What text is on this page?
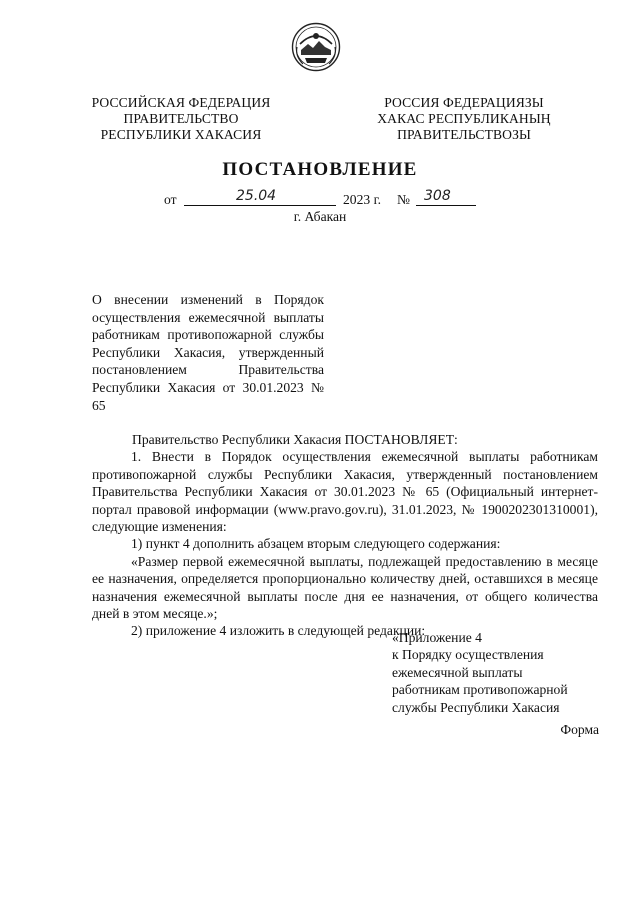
РОССИЙСКАЯ ФЕДЕРАЦИЯ
ПРАВИТЕЛЬСТВО
РЕСПУБЛИКИ ХАКАСИЯ
РОССИЯ ФЕДЕРАЦИЯЗЫ
ХАКАС РЕСПУБЛИКАНЫҢ
ПРАВИТЕЛЬСТВОЗЫ
ПОСТАНОВЛЕНИЕ
от	25.04	2023 г. № 308
г. Абакан
О внесении изменений в Порядок осуществления ежемесячной выплаты работникам противопожарной службы Республики Хакасия, утвержденный постановлением Правительства Республики Хакасия от 30.01.2023 № 65

Правительство Республики Хакасия ПОСТАНОВЛЯЕТ:

1. Внести в Порядок осуществления ежемесячной выплаты работникам противопожарной службы Республики Хакасия, утвержденный постановлением Правительства Республики Хакасия от 30.01.2023 № 65 (Официальный интернет-портал правовой информации (www.pravo.gov.ru), 31.01.2023, № 1900202301310001), следующие изменения:

1) пункт 4 дополнить абзацем вторым следующего содержания:

«Размер первой ежемесячной выплаты, подлежащей предоставлению в месяце ее назначения, определяется пропорционально количеству дней, оставшихся в месяце назначения ежемесячной выплаты после дня ее назначения, от общего количества дней в этом месяце.»;

2) приложение 4 изложить в следующей редакции:

«Приложение 4
к Порядку осуществления
ежемесячной выплаты
работникам противопожарной
службы Республики Хакасия
Форма
